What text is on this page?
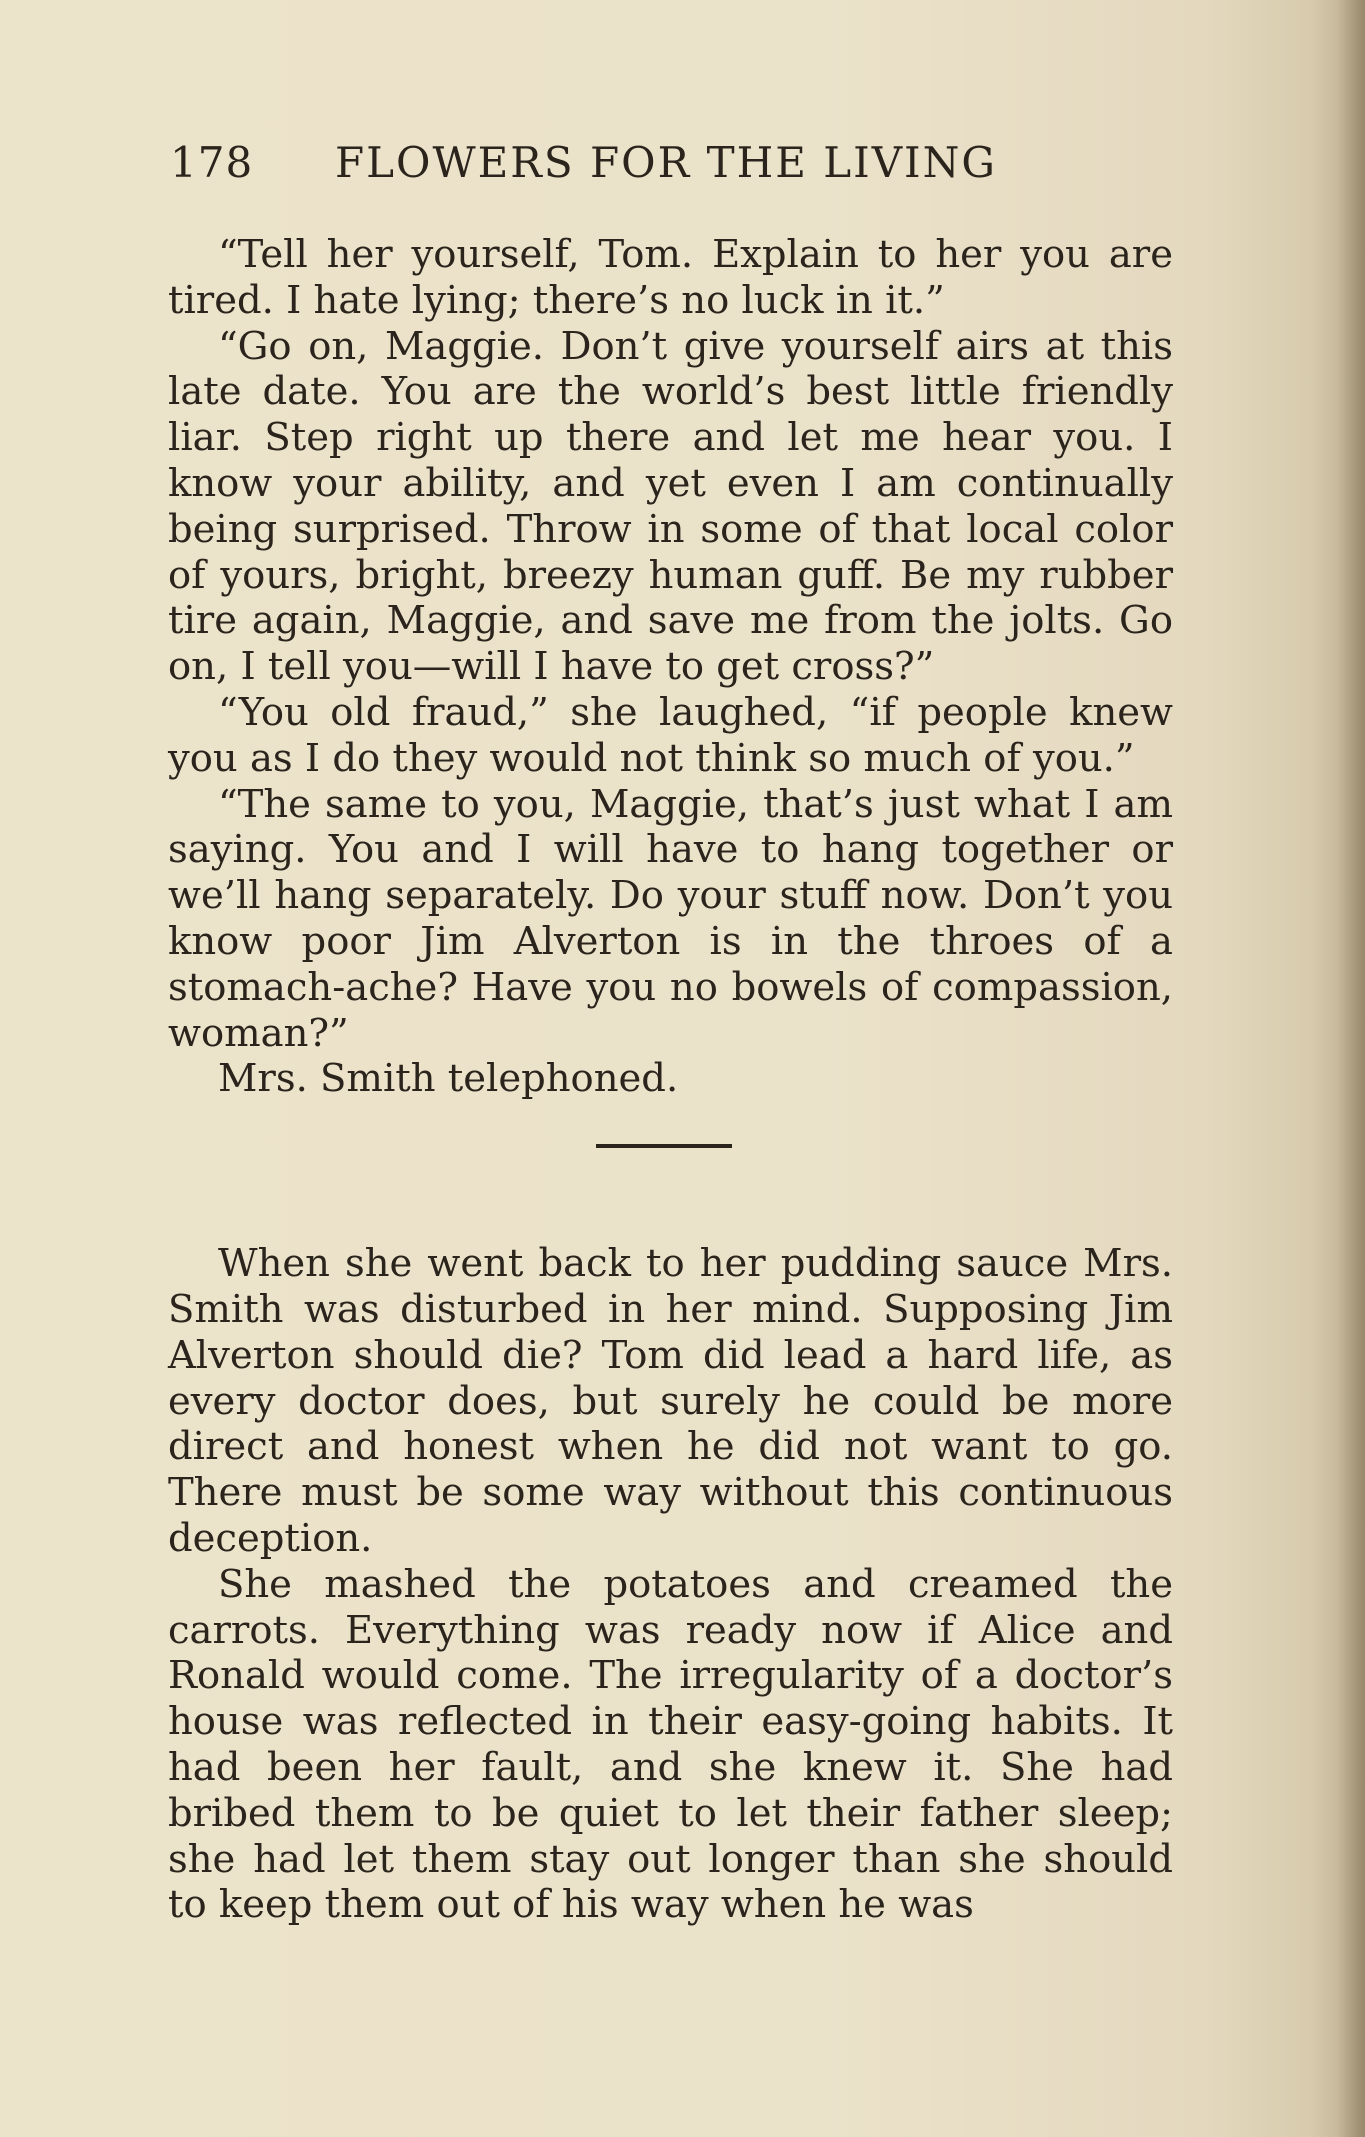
178 FLOWERS FOR THE LIVING

“Tell her yourself, Tom. Explain to her you are tired. I hate lying; there’s no luck in it.”

“Go on, Maggie. Don’t give yourself airs at this late date. You are the world’s best little friendly liar. Step right up there and let me hear you. I know your ability, and yet even I am continually being surprised. Throw in some of that local color of yours, bright, breezy human guff. Be my rubber tire again, Maggie, and save me from the jolts. Go on, I tell you—will I have to get cross?”

“You old fraud,” she laughed, “if people knew you as I do they would not think so much of you.”

“The same to you, Maggie, that’s just what I am saying. You and I will have to hang together or we’ll hang separately. Do your stuff now. Don’t you know poor Jim Alverton is in the throes of a stomach-ache? Have you no bowels of compassion, woman?”

Mrs. Smith telephoned.

When she went back to her pudding sauce Mrs. Smith was disturbed in her mind. Supposing Jim Alverton should die? Tom did lead a hard life, as every doctor does, but surely he could be more direct and honest when he did not want to go. There must be some way without this continuous deception.

She mashed the potatoes and creamed the carrots. Everything was ready now if Alice and Ronald would come. The irregularity of a doctor’s house was reflected in their easy-going habits. It had been her fault, and she knew it. She had bribed them to be quiet to let their father sleep; she had let them stay out longer than she should to keep them out of his way when he was
